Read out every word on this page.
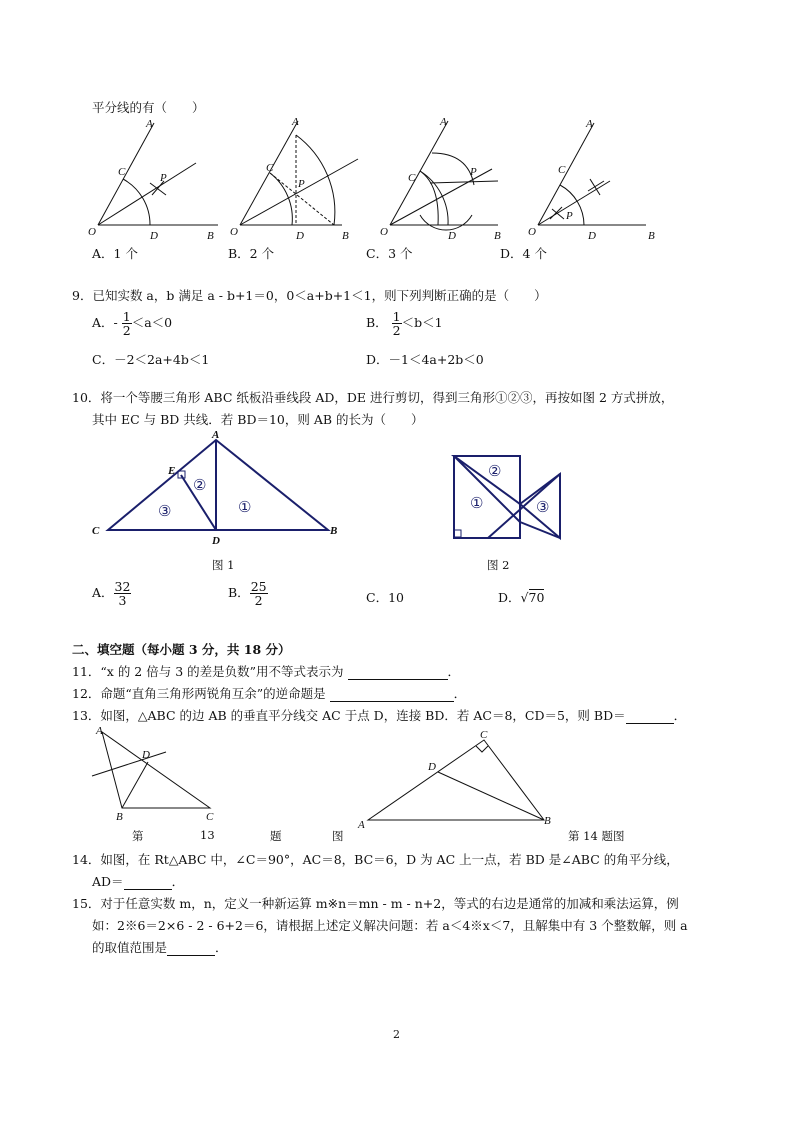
平分线的有（　　）
A
C	P
O	D	B
A
C
P
O	D	B
A
C	P
O	D	B
A
C
P
O	D	B
A．1 个	B．2 个	C．3 个	D．4 个
9．已知实数 a，b 满足 a - b+1＝0，0＜a+b+1＜1，则下列判断正确的是（　　）
A．- $\frac{1}{2} <a<0$	B． $\frac{1}{2} <b<1$
C．－2＜2a+4b＜1	D．－1＜4a+2b＜0
10．将一个等腰三角形 ABC 纸板沿垂线段 AD，DE 进行剪切，得到三角形①②③，再按如图 2 方式拼放，
其中 EC 与 BD 共线．若 BD＝10，则 AB 的长为（　　）
A
C	B
D
E
①
②
③
图 1
②
①	③
图 2
A． $\frac{32}{3}$	B． $\frac{25}{2}$	C．10	D．√70
二、填空题（每小题 3 分，共 18 分）
11．“x 的 2 倍与 3 的差是负数”用不等式表示为	．
12．命题“直角三角形两锐角互余”的逆命题是	．
13．如图，△ABC 的边 AB 的垂直平分线交 AC 于点 D，连接 BD．若 AC＝8，CD＝5，则 BD＝	．
A
D
B	C
C
D
A	B
第	13	题	图	第 14 题图
14．如图，在 Rt△ABC 中，∠C＝90°，AC＝8，BC＝6，D 为 AC 上一点，若 BD 是∠ABC 的角平分线，
AD＝	．
15．对于任意实数 m，n，定义一种新运算 m※n＝mn - m - n+2，等式的右边是通常的加减和乘法运算，例
如：2※6＝2×6 - 2 - 6+2＝6，请根据上述定义解决问题：若 a＜4※x＜7，且解集中有 3 个整数解，则 a
的取值范围是	．
2
